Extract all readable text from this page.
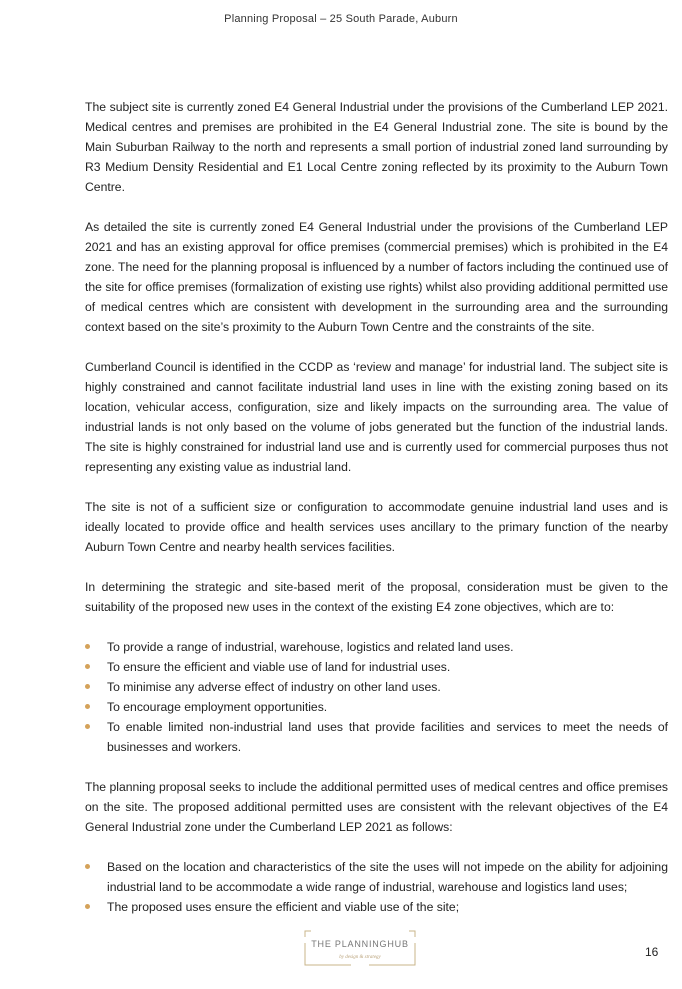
Planning Proposal – 25 South Parade, Auburn

The subject site is currently zoned E4 General Industrial under the provisions of the Cumberland LEP 2021. Medical centres and premises are prohibited in the E4 General Industrial zone. The site is bound by the Main Suburban Railway to the north and represents a small portion of industrial zoned land surrounding by R3 Medium Density Residential and E1 Local Centre zoning reflected by its proximity to the Auburn Town Centre.

As detailed the site is currently zoned E4 General Industrial under the provisions of the Cumberland LEP 2021 and has an existing approval for office premises (commercial premises) which is prohibited in the E4 zone. The need for the planning proposal is influenced by a number of factors including the continued use of the site for office premises (formalization of existing use rights) whilst also providing additional permitted use of medical centres which are consistent with development in the surrounding area and the surrounding context based on the site’s proximity to the Auburn Town Centre and the constraints of the site.

Cumberland Council is identified in the CCDP as ‘review and manage’ for industrial land. The subject site is highly constrained and cannot facilitate industrial land uses in line with the existing zoning based on its location, vehicular access, configuration, size and likely impacts on the surrounding area. The value of industrial lands is not only based on the volume of jobs generated but the function of the industrial lands. The site is highly constrained for industrial land use and is currently used for commercial purposes thus not representing any existing value as industrial land.

The site is not of a sufficient size or configuration to accommodate genuine industrial land uses and is ideally located to provide office and health services uses ancillary to the primary function of the nearby Auburn Town Centre and nearby health services facilities.

In determining the strategic and site-based merit of the proposal, consideration must be given to the suitability of the proposed new uses in the context of the existing E4 zone objectives, which are to:

To provide a range of industrial, warehouse, logistics and related land uses.
To ensure the efficient and viable use of land for industrial uses.
To minimise any adverse effect of industry on other land uses.
To encourage employment opportunities.
To enable limited non-industrial land uses that provide facilities and services to meet the needs of businesses and workers.

The planning proposal seeks to include the additional permitted uses of medical centres and office premises on the site. The proposed additional permitted uses are consistent with the relevant objectives of the E4 General Industrial zone under the Cumberland LEP 2021 as follows:

Based on the location and characteristics of the site the uses will not impede on the ability for adjoining industrial land to be accommodate a wide range of industrial, warehouse and logistics land uses;
The proposed uses ensure the efficient and viable use of the site;
THE PLANNINGHUB
by design & strategy	16
